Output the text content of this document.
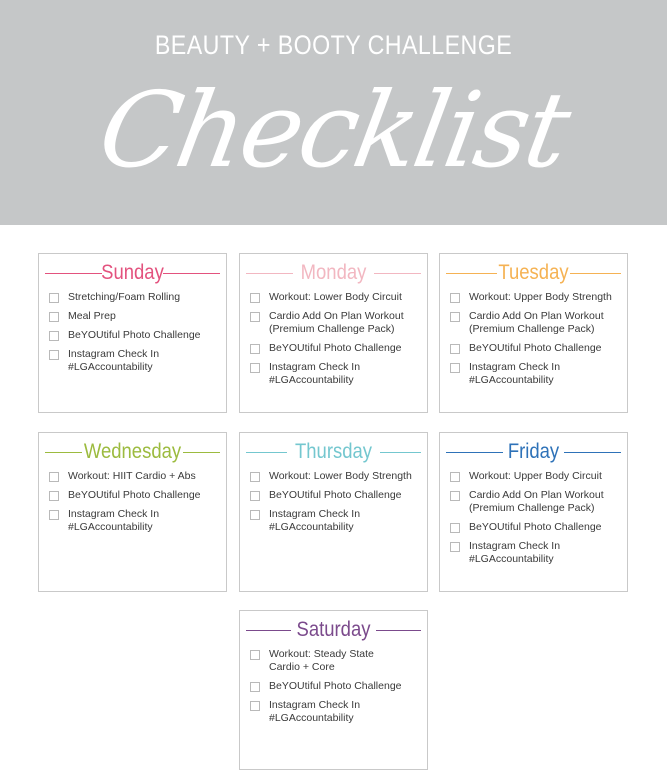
BEAUTY + BOOTY CHALLENGE
Checklist
Sunday
Stretching/Foam Rolling
Meal Prep
BeYOUtiful Photo Challenge
Instagram Check In
#LGAccountability
Monday
Workout: Lower Body Circuit
Cardio Add On Plan Workout
(Premium Challenge Pack)
BeYOUtiful Photo Challenge
Instagram Check In
#LGAccountability
Tuesday
Workout: Upper Body Strength
Cardio Add On Plan Workout
(Premium Challenge Pack)
BeYOUtiful Photo Challenge
Instagram Check In
#LGAccountability
Wednesday
Workout: HIIT Cardio + Abs
BeYOUtiful Photo Challenge
Instagram Check In
#LGAccountability
Thursday
Workout: Lower Body Strength
BeYOUtiful Photo Challenge
Instagram Check In
#LGAccountability
Friday
Workout: Upper Body Circuit
Cardio Add On Plan Workout
(Premium Challenge Pack)
BeYOUtiful Photo Challenge
Instagram Check In
#LGAccountability
Saturday
Workout: Steady State
Cardio + Core
BeYOUtiful Photo Challenge
Instagram Check In
#LGAccountability
